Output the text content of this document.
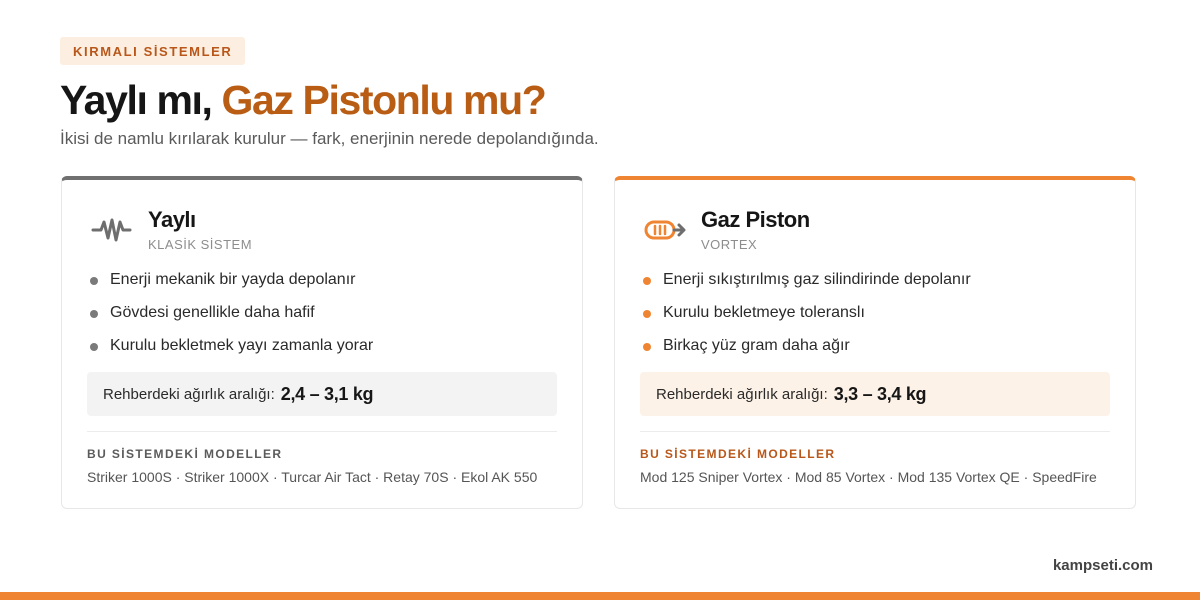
KIRMALI SİSTEMLER
Yaylı mı, Gaz Pistonlu mu?

İkisi de namlu kırılarak kurulur — fark, enerjinin nerede depolandığında.

Yaylı
KLASİK SİSTEM
Enerji mekanik bir yayda depolanır
Gövdesi genellikle daha hafif
Kurulu bekletmek yayı zamanla yorar
Rehberdeki ağırlık aralığı: 2,4 – 3,1 kg
BU SİSTEMDEKİ MODELLER
Striker 1000S · Striker 1000X · Turcar Air Tact · Retay 70S · Ekol AK 550
Gaz Piston
VORTEX
Enerji sıkıştırılmış gaz silindirinde depolanır
Kurulu bekletmeye toleranslı
Birkaç yüz gram daha ağır
Rehberdeki ağırlık aralığı: 3,3 – 3,4 kg
BU SİSTEMDEKİ MODELLER
Mod 125 Sniper Vortex · Mod 85 Vortex · Mod 135 Vortex QE · SpeedFire
kampseti.com
